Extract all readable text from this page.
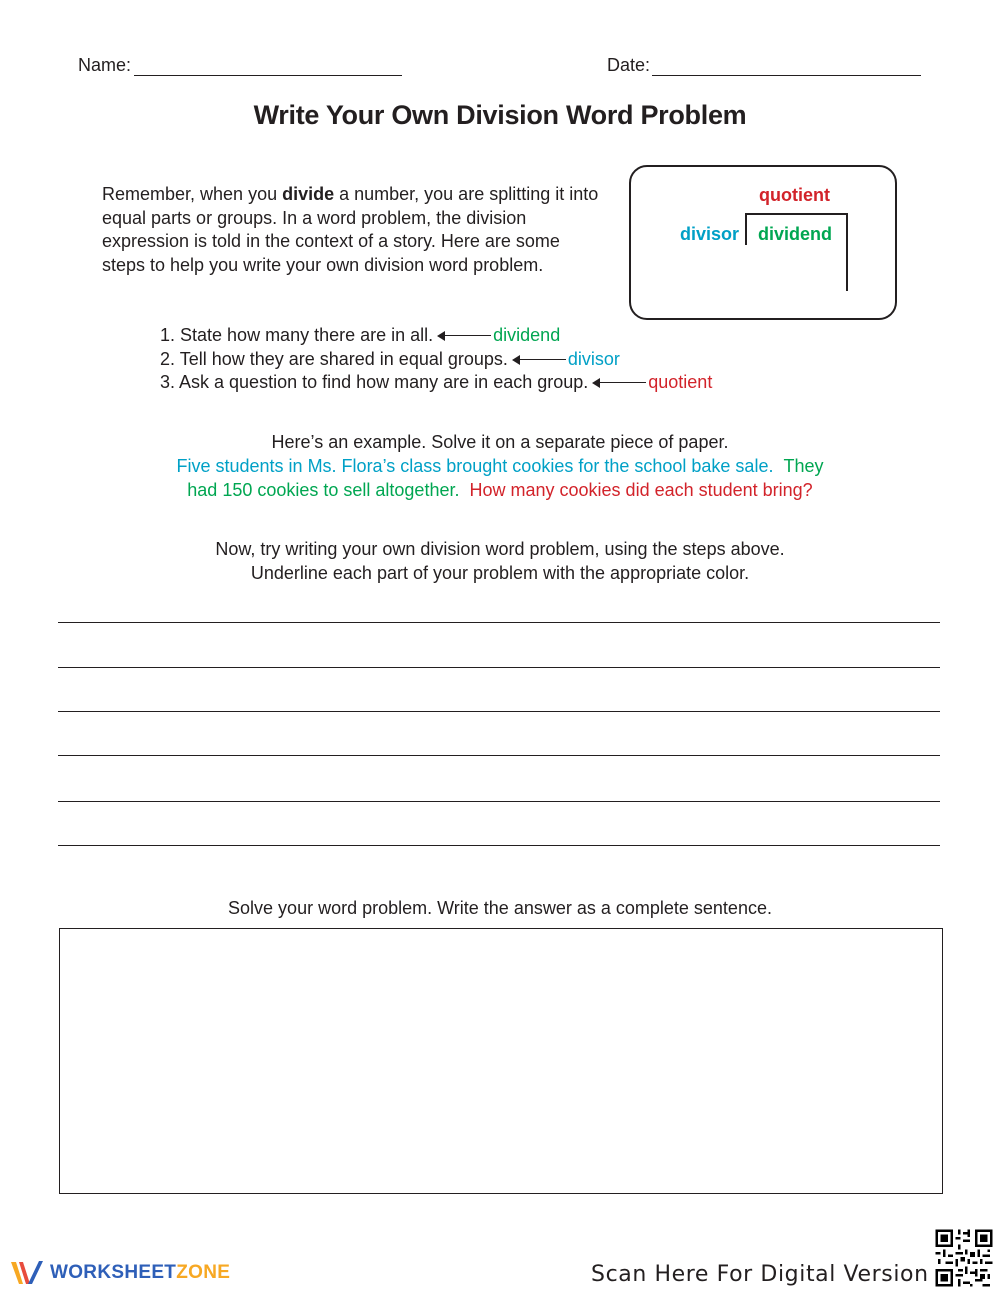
Name:	Date:
Write Your Own Division Word Problem
Remember, when you divide a number, you are splitting it into equal parts or groups. In a word problem, the division expression is told in the context of a story. Here are some steps to help you write your own division word problem.
quotient
divisor dividend
1. State how many there are in all.	dividend
2. Tell how they are shared in equal groups.	divisor
3. Ask a question to find how many are in each group.	quotient
Here’s an example. Solve it on a separate piece of paper.
Five students in Ms. Flora’s class brought cookies for the school bake sale. They
had 150 cookies to sell altogether. How many cookies did each student bring?
Now, try writing your own division word problem, using the steps above.
Underline each part of your problem with the appropriate color.
Solve your word problem. Write the answer as a complete sentence.
WORKSHEETZONE	Scan Here For Digital Version
